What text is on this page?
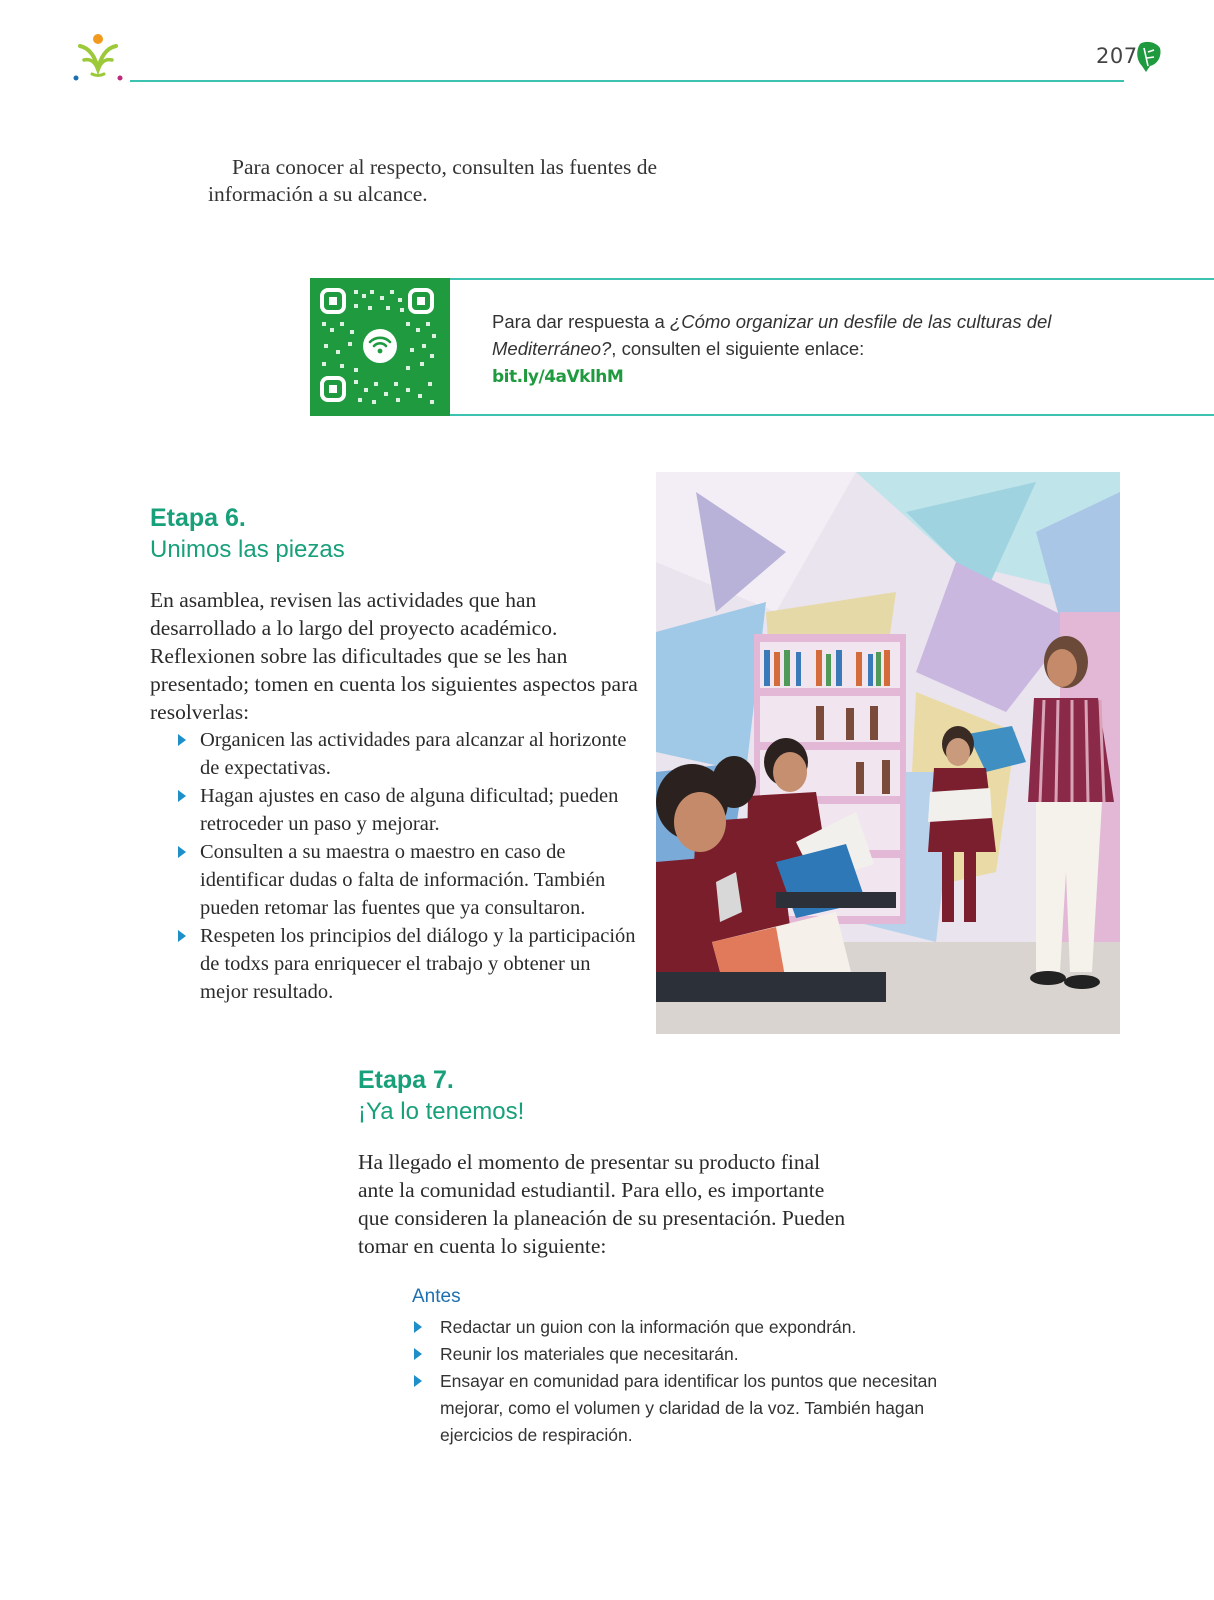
207

Para conocer al respecto, consulten las fuentes de información a su alcance.

Para dar respuesta a ¿Cómo organizar un desfile de las culturas del Mediterráneo?, consulten el siguiente enlace:
bit.ly/4aVklhM
Etapa 6.
Unimos las piezas

En asamblea, revisen las actividades que han desarrollado a lo largo del proyecto académico. Reflexionen sobre las dificultades que se les han presentado; tomen en cuenta los siguientes aspectos para resolverlas:

Organicen las actividades para alcanzar al horizonte de expectativas.
Hagan ajustes en caso de alguna dificultad; pueden retroceder un paso y mejorar.
Consulten a su maestra o maestro en caso de identificar dudas o falta de información. También pueden retomar las fuentes que ya consultaron.
Respeten los principios del diálogo y la participación de todxs para enriquecer el trabajo y obtener un mejor resultado.
Etapa 7.
¡Ya lo tenemos!

Ha llegado el momento de presentar su producto final ante la comunidad estudiantil. Para ello, es importante que consideren la planeación de su presentación. Pueden tomar en cuenta lo siguiente:

Antes
Redactar un guion con la información que expondrán.
Reunir los materiales que necesitarán.
Ensayar en comunidad para identificar los puntos que necesitan mejorar, como el volumen y claridad de la voz. También hagan ejercicios de respiración.
